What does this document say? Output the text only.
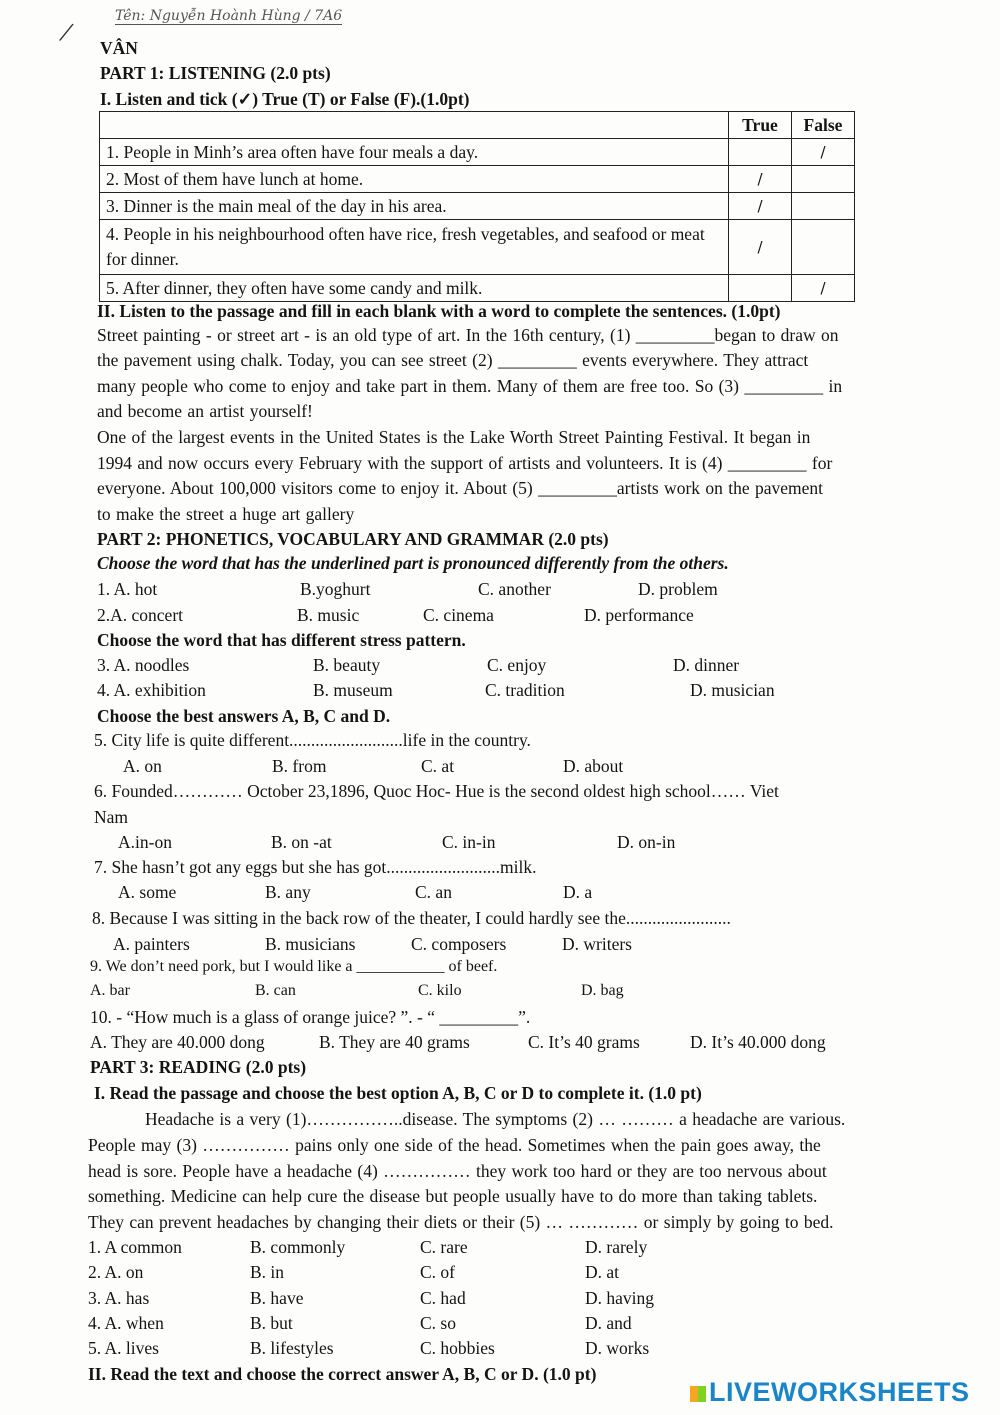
Tên: Nguyễn Hoành Hùng / 7A6
/ VÂN
PART 1: LISTENING (2.0 pts)
I. Listen and tick (✓) True (T) or False (F).(1.0pt)
	True	False
1. People in Minh’s area often have four meals a day.		/
2. Most of them have lunch at home.	/	
3. Dinner is the main meal of the day in his area.	/	
4. People in his neighbourhood often have rice, fresh vegetables, and seafood or meat for dinner.	/	
5. After dinner, they often have some candy and milk.		/
II. Listen to the passage and fill in each blank with a word to complete the sentences. (1.0pt)
PART 2: PHONETICS, VOCABULARY AND GRAMMAR (2.0 pts)
Choose the word that has the underlined part is pronounced differently from the others.
Choose the word that has different stress pattern.
Choose the best answers A, B, C and D.
PART 3: READING (2.0 pts)
I. Read the passage and choose the best option A, B, C or D to complete it. (1.0 pt)
II. Read the text and choose the correct answer A, B, C or D. (1.0 pt)
LIVEWORKSHEETS
Street painting - or street art - is an old type of art. In the 16th century, (1) _________began to draw on
the pavement using chalk. Today, you can see street (2) _________ events everywhere. They attract
many people who come to enjoy and take part in them. Many of them are free too. So (3) _________ in
and become an artist yourself!
One of the largest events in the United States is the Lake Worth Street Painting Festival. It began in
1994 and now occurs every February with the support of artists and volunteers. It is (4) _________ for
everyone. About 100,000 visitors come to enjoy it. About (5) _________artists work on the pavement
to make the street a huge art gallery
1. A. hot	B.yoghurt	C. another	D. problem
2.A. concert	B. music	C. cinema	D. performance
3. A. noodles	B. beauty	C. enjoy	D. dinner
4. A. exhibition	B. museum	C. tradition	D. musician
5. City life is quite different..........................life in the country.
A. on	B. from	C. at	D. about
6. Founded………… October 23,1896, Quoc Hoc- Hue is the second oldest high school…… Viet
Nam
A.in-on	B. on -at	C. in-in	D. on-in
7. She hasn’t got any eggs but she has got..........................milk.
A. some	B. any	C. an	D. a
8. Because I was sitting in the back row of the theater, I could hardly see the........................
A. painters	B. musicians	C. composers	D. writers
9. We don’t need pork, but I would like a ___________ of beef.
A. bar	B. can	C. kilo	D. bag
10. - “How much is a glass of orange juice? ”. - “ _________”.
A. They are 40.000 dong	B. They are 40 grams	C. It’s 40 grams	D. It’s 40.000 dong
Headache is a very (1)……………..disease. The symptoms (2) … ……… a headache are various.
People may (3) …………… pains only one side of the head. Sometimes when the pain goes away, the
head is sore. People have a headache (4) …………… they work too hard or they are too nervous about
something. Medicine can help cure the disease but people usually have to do more than taking tablets.
They can prevent headaches by changing their diets or their (5) … ………… or simply by going to bed.
1. A common	B. commonly	C. rare	D. rarely
2. A. on	B. in	C. of	D. at
3. A. has	B. have	C. had	D. having
4. A. when	B. but	C. so	D. and
5. A. lives	B. lifestyles	C. hobbies	D. works
